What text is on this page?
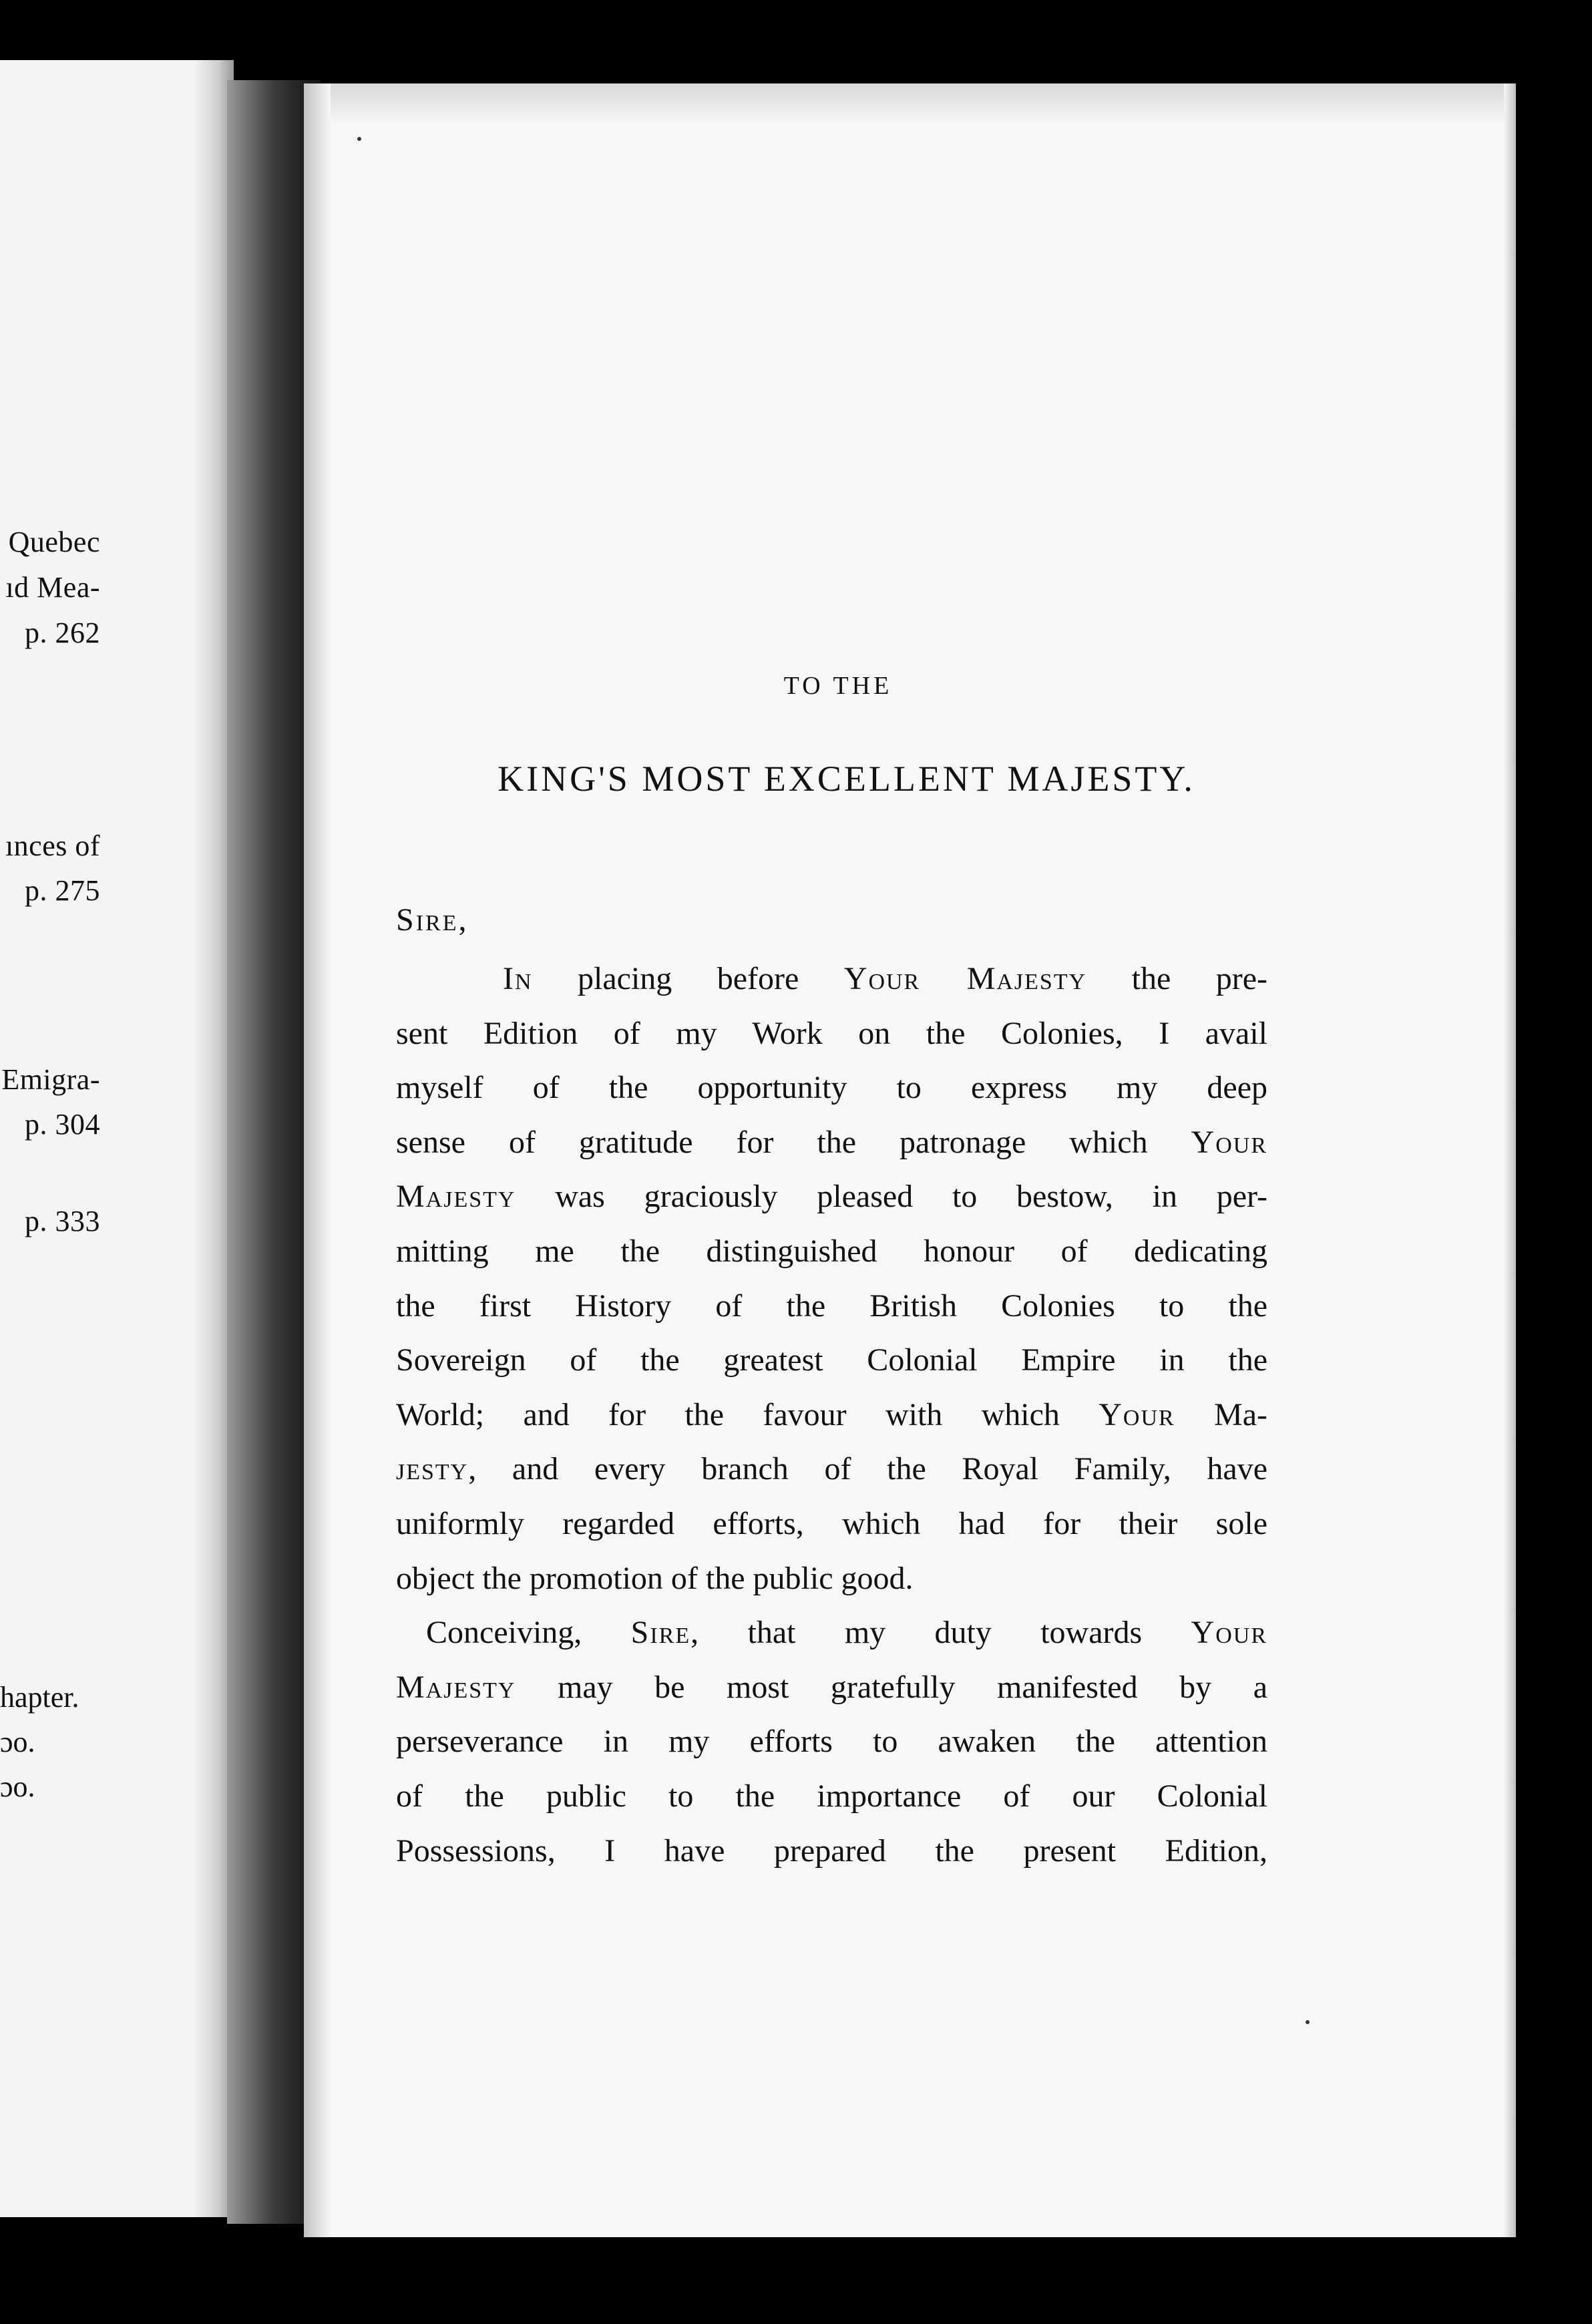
Quebec
ıd Mea-
p. 262
ınces of
p. 275
Emigra-
p. 304
p. 333
hapter.
ɔo.
ɔo.
TO THE
KING'S MOST EXCELLENT MAJESTY.
Sire,
In placing before Your Majesty the pre-
sent Edition of my Work on the Colonies, I avail
myself of the opportunity to express my deep
sense of gratitude for the patronage which Your
Majesty was graciously pleased to bestow, in per-
mitting me the distinguished honour of dedicating
the first History of the British Colonies to the
Sovereign of the greatest Colonial Empire in the
World; and for the favour with which Your Ma-
jesty, and every branch of the Royal Family, have
uniformly regarded efforts, which had for their sole
object the promotion of the public good.
Conceiving, Sire, that my duty towards Your
Majesty may be most gratefully manifested by a
perseverance in my efforts to awaken the attention
of the public to the importance of our Colonial
Possessions, I have prepared the present Edition,
